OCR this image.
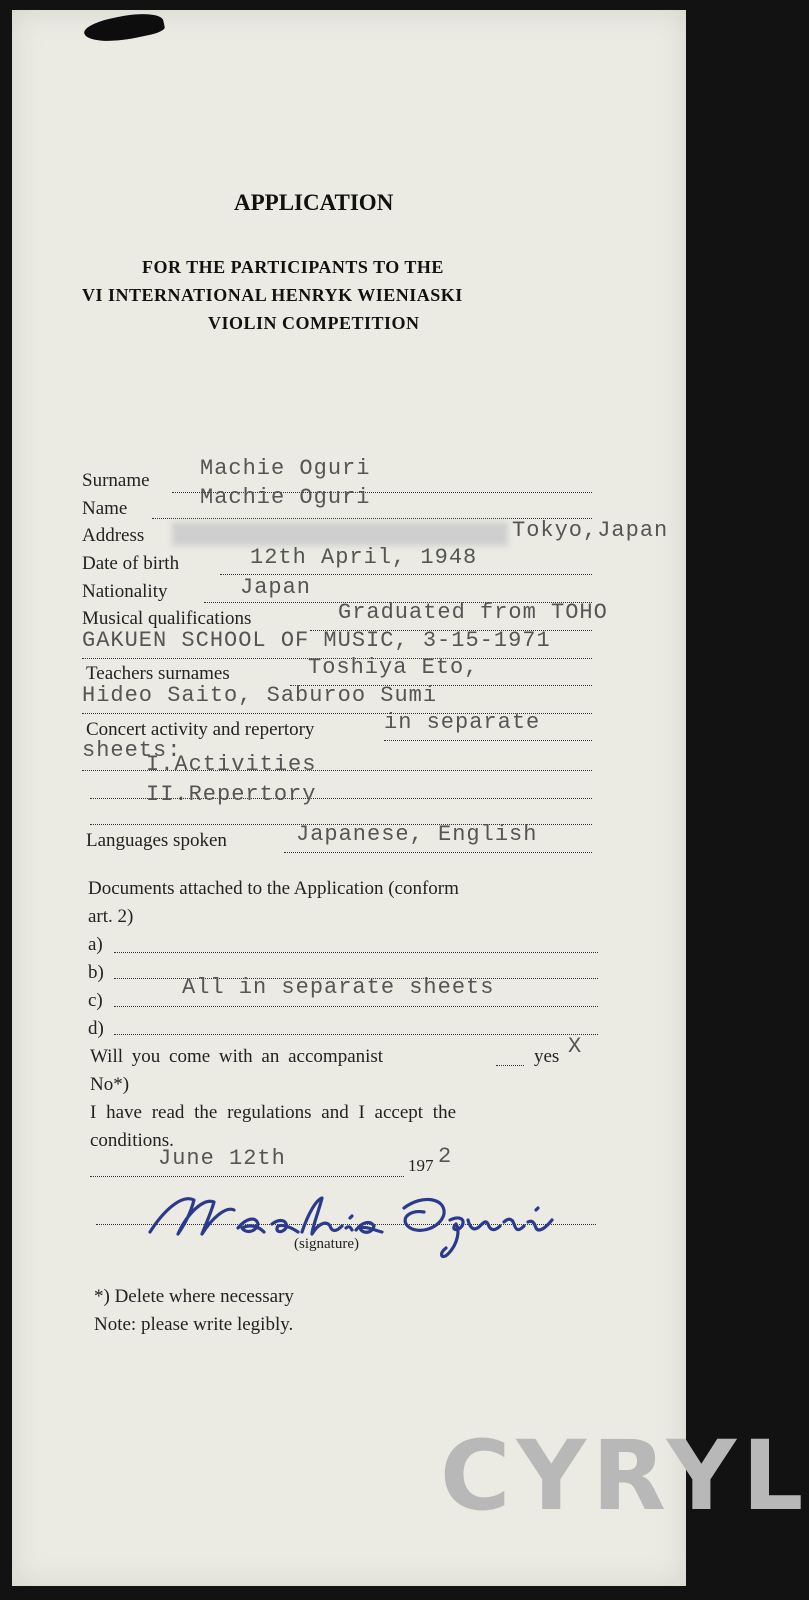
APPLICATION
FOR THE PARTICIPANTS TO THE
VI INTERNATIONAL HENRYK WIENIASKI
VIOLIN COMPETITION
Surname Machie Oguri
Name	Machie Oguri
Address	Tokyo,Japan
Date of birth	12th April, 1948
Nationality	Japan
Musical qualifications	Graduated from TOHO
GAKUEN SCHOOL OF MUSIC, 3-15-1971
Teachers surnames	Toshiya Eto,
Hideo Saito, Saburoo Sumi
Concert activity and repertory	in separate
sheets:
I.Activities
II.Repertory
Languages spoken	Japanese, English
Documents attached to the Application (conform
art. 2)
a)
b)
c)
All in separate sheets
d)
Will you come with an accompanist	yes X
No*)
I have read the regulations and I accept the
conditions.
June 12th	197 2
(signature)
*) Delete where necessary
Note: please write legibly.
CYRYL
